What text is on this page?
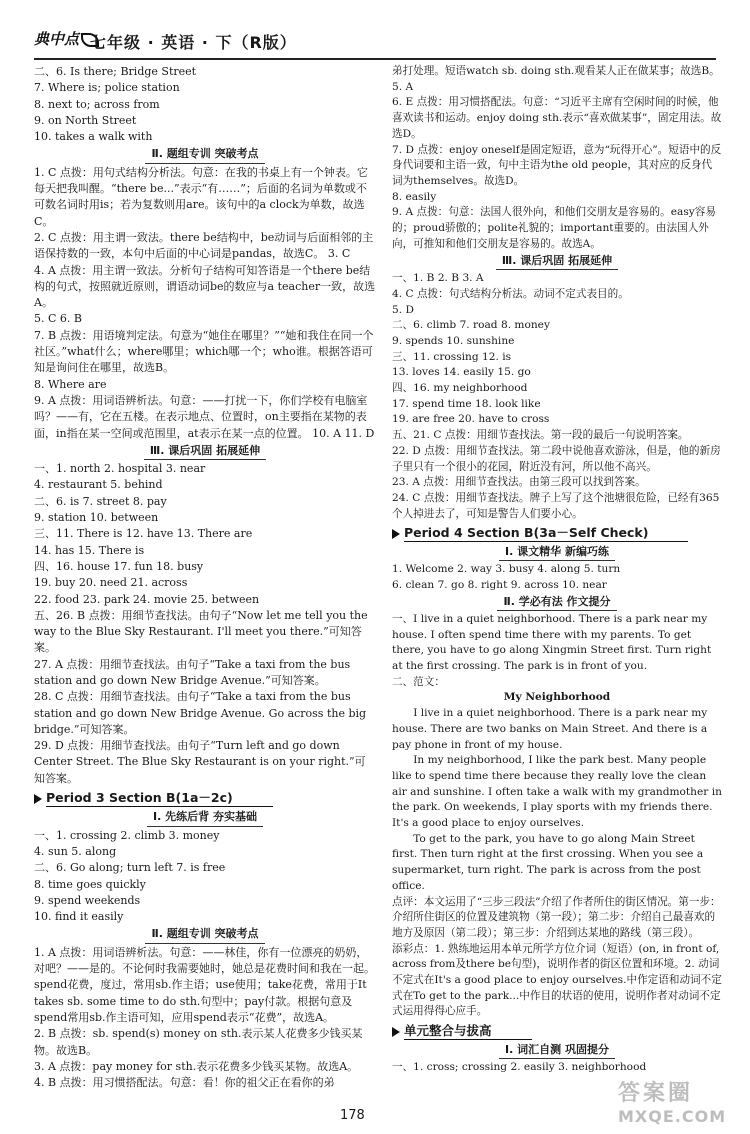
典中点 七年级 · 英语 · 下（R版）

二、6. Is there; Bridge Street

7. Where is; police station

8. next to; across from

9. on North Street

10. takes a walk with

Ⅱ. 题组专训 突破考点

1. C 点拨：用句式结构分析法。句意：在我的书桌上有一个钟表。它每天把我叫醒。“there be...”表示“有……”；后面的名词为单数或不可数名词时用is；若为复数则用are。该句中的a clock为单数，故选C。

2. C 点拨：用主谓一致法。there be结构中，be动词与后面相邻的主语保持数的一致，本句中后面的中心词是pandas，故选C。 3. C

4. A 点拨：用主谓一致法。分析句子结构可知答语是一个there be结构的句式，按照就近原则，谓语动词be的数应与a teacher一致，故选A。

5. C 6. B

7. B 点拨：用语境判定法。句意为“她住在哪里？”“她和我住在同一个社区。”what什么；where哪里；which哪一个；who谁。根据答语可知是询问住在哪里，故选B。

8. Where are

9. A 点拨：用词语辨析法。句意：——打扰一下，你们学校有电脑室吗？——有，它在五楼。在表示地点、位置时，on主要指在某物的表面，in指在某一空间或范围里，at表示在某一点的位置。 10. A 11. D

Ⅲ. 课后巩固 拓展延伸

一、1. north 2. hospital 3. near

4. restaurant 5. behind

二、6. is 7. street 8. pay

9. station 10. between

三、11. There is 12. have 13. There are

14. has 15. There is

四、16. house 17. fun 18. busy

19. buy 20. need 21. across

22. food 23. park 24. movie 25. between

五、26. B 点拨：用细节查找法。由句子“Now let me tell you the way to the Blue Sky Restaurant. I'll meet you there.”可知答案。

27. A 点拨：用细节查找法。由句子“Take a taxi from the bus station and go down New Bridge Avenue.”可知答案。

28. C 点拨：用细节查找法。由句子“Take a taxi from the bus station and go down New Bridge Avenue. Go across the big bridge.”可知答案。

29. D 点拨：用细节查找法。由句子“Turn left and go down Center Street. The Blue Sky Restaurant is on your right.”可知答案。

Period 3 Section B(1a－2c)
Ⅰ. 先练后背 夯实基础

一、1. crossing 2. climb 3. money

4. sun 5. along

二、6. Go along; turn left 7. is free

8. time goes quickly

9. spend weekends

10. find it easily

Ⅱ. 题组专训 突破考点

1. A 点拨：用词语辨析法。句意：——林佳，你有一位漂亮的奶奶，对吧？——是的。不论何时我需要她时，她总是花费时间和我在一起。spend花费，度过，常用sb.作主语；use使用；take花费，常用于It takes sb. some time to do sth.句型中；pay付款。根据句意及spend常用sb.作主语可知，应用spend表示“花费”，故选A。

2. B 点拨：sb. spend(s) money on sth.表示某人花费多少钱买某物。故选B。

3. A 点拨：pay money for sth.表示花费多少钱买某物。故选A。

4. B 点拨：用习惯搭配法。句意：看！你的祖父正在看你的弟

弟打处理。短语watch sb. doing sth.观看某人正在做某事；故选B。

5. A

6. E 点拨：用习惯搭配法。句意：“习近平主席有空闲时间的时候，他喜欢读书和运动。enjoy doing sth.表示“喜欢做某事”，固定用法。故选D。

7. D 点拨：enjoy oneself是固定短语，意为“玩得开心”。短语中的反身代词要和主语一致，句中主语为the old people，其对应的反身代词为themselves。故选D。

8. easily

9. A 点拨：句意：法国人很外向，和他们交朋友是容易的。easy容易的；proud骄傲的；polite礼貌的；important重要的。由法国人外向，可推知和他们交朋友是容易的。故选A。

Ⅲ. 课后巩固 拓展延伸

一、1. B 2. B 3. A

4. C 点拨：句式结构分析法。动词不定式表目的。

5. D

二、6. climb 7. road 8. money

9. spends 10. sunshine

三、11. crossing 12. is

13. loves 14. easily 15. go

四、16. my neighborhood

17. spend time 18. look like

19. are free 20. have to cross

五、21. C 点拨：用细节查找法。第一段的最后一句说明答案。

22. D 点拨：用细节查找法。第二段中说他喜欢游泳，但是，他的新房子里只有一个很小的花园，附近没有河，所以他不高兴。

23. A 点拨：用细节查找法。由第三段可以找到答案。

24. C 点拨：用细节查找法。牌子上写了这个池塘很危险，已经有365个人掉进去了，可知是警告人们要小心。

Period 4 Section B(3a－Self Check)
Ⅰ. 课文精华 新编巧练

1. Welcome 2. way 3. busy 4. along 5. turn

6. clean 7. go 8. right 9. across 10. near

Ⅱ. 学必有法 作文提分

一、I live in a quiet neighborhood. There is a park near my house. I often spend time there with my parents. To get there, you have to go along Xingmin Street first. Turn right at the first crossing. The park is in front of you.

二、范文：

My Neighborhood

I live in a quiet neighborhood. There is a park near my house. There are two banks on Main Street. And there is a pay phone in front of my house.

In my neighborhood, I like the park best. Many people like to spend time there because they really love the clean air and sunshine. I often take a walk with my grandmother in the park. On weekends, I play sports with my friends there. It's a good place to enjoy ourselves.

To get to the park, you have to go along Main Street first. Then turn right at the first crossing. When you see a supermarket, turn right. The park is across from the post office.

点评：本文运用了“三步三段法”介绍了作者所住的街区情况。第一步：介绍所住街区的位置及建筑物（第一段）；第二步：介绍自己最喜欢的地方及原因（第二段）；第三步：介绍到达某地的路线（第三段）。

添彩点：1. 熟练地运用本单元所学方位介词（短语）(on, in front of, across from及there be句型)，说明作者的街区位置和环境。2. 动词不定式在It's a good place to enjoy ourselves.中作定语和动词不定式在To get to the park...中作目的状语的使用，说明作者对动词不定式运用得得心应手。

单元整合与拔高
Ⅰ. 词汇自测 巩固提分

一、1. cross; crossing 2. easily 3. neighborhood

178
答案圈
MXQE.COM
